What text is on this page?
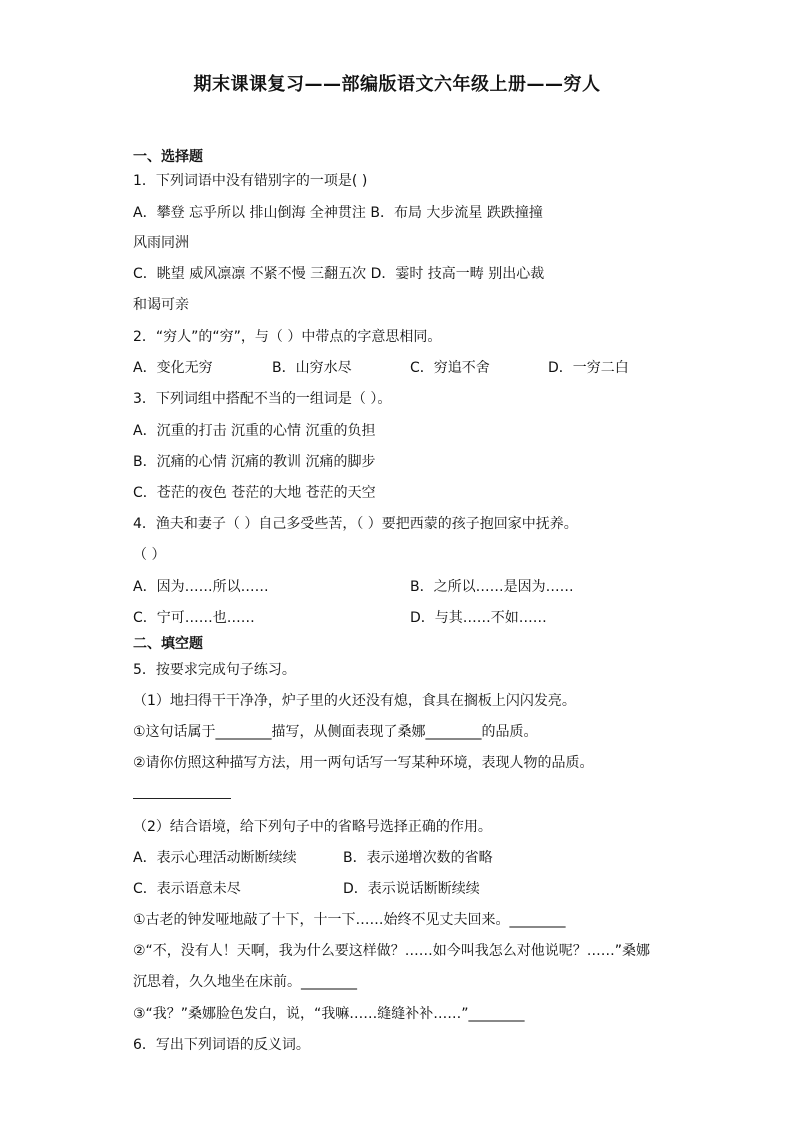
期末课课复习——部编版语文六年级上册——穷人
一、选择题
1．下列词语中没有错别字的一项是( )
A．攀登 忘乎所以 排山倒海 全神贯注 B．布局 大步流星 跌跌撞撞
风雨同洲
C．眺望 威风凛凛 不紧不慢 三翻五次 D．霎时 技高一畴 别出心裁
和谒可亲
2．“穷人”的“穷”，与（ ）中带点的字意思相同。
A．变化无穷	B．山穷水尽	C．穷追不舍	D．一穷二白
3．下列词组中搭配不当的一组词是（ ）。
A．沉重的打击 沉重的心情 沉重的负担
B．沉痛的心情 沉痛的教训 沉痛的脚步
C．苍茫的夜色 苍茫的大地 苍茫的天空
4．渔夫和妻子（ ）自己多受些苦，（ ）要把西蒙的孩子抱回家中抚养。
（ ）
A．因为……所以……	B．之所以……是因为……
C．宁可……也……	D．与其……不如……
二、填空题
5．按要求完成句子练习。
（1）地扫得干干净净，炉子里的火还没有熄，食具在搁板上闪闪发亮。
①这句话属于________描写，从侧面表现了桑娜________的品质。
②请你仿照这种描写方法，用一两句话写一写某种环境，表现人物的品质。
（2）结合语境，给下列句子中的省略号选择正确的作用。
A．表示心理活动断断续续	B．表示递增次数的省略
C．表示语意未尽	D．表示说话断断续续
①古老的钟发哑地敲了十下，十一下……始终不见丈夫回来。________
②“不，没有人！天啊，我为什么要这样做？……如今叫我怎么对他说呢？……”桑娜
沉思着，久久地坐在床前。________
③“我？”桑娜脸色发白，说，“我嘛……缝缝补补……”________
6．写出下列词语的反义词。
